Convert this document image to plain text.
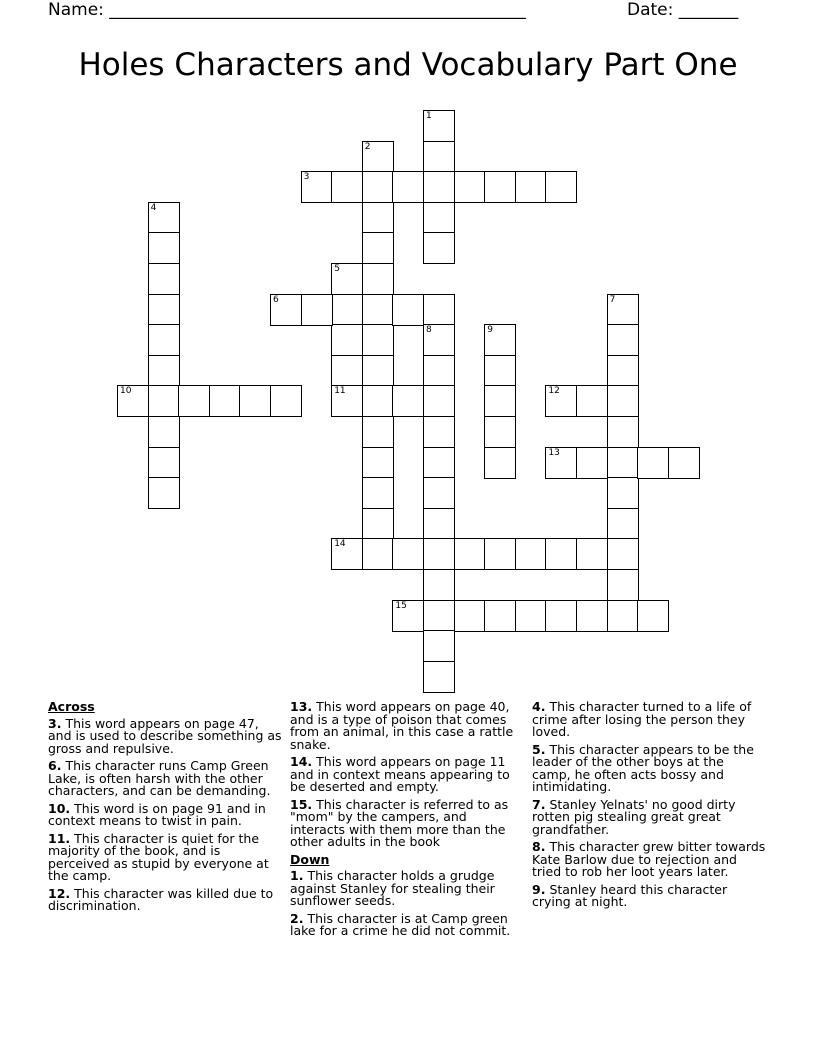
Name: _________________________________________________	Date: _______
Holes Characters and Vocabulary Part One
1
2
3
4
5
11
6	7
8	9
10	12
13
14
15
Across
3. This word appears on page 47, and is used to describe something as gross and repulsive.
6. This character runs Camp Green Lake, is often harsh with the other characters, and can be demanding.
10. This word is on page 91 and in context means to twist in pain.
11. This character is quiet for the majority of the book, and is perceived as stupid by everyone at the camp.
12. This character was killed due to discrimination.
13. This word appears on page 40, and is a type of poison that comes from an animal, in this case a rattle snake.
14. This word appears on page 11 and in context means appearing to be deserted and empty.
15. This character is referred to as "mom" by the campers, and interacts with them more than the other adults in the book
Down
1. This character holds a grudge against Stanley for stealing their sunflower seeds.
2. This character is at Camp green lake for a crime he did not commit.
4. This character turned to a life of crime after losing the person they loved.
5. This character appears to be the leader of the other boys at the camp, he often acts bossy and intimidating.
7. Stanley Yelnats' no good dirty rotten pig stealing great great grandfather.
8. This character grew bitter towards Kate Barlow due to rejection and tried to rob her loot years later.
9. Stanley heard this character crying at night.
